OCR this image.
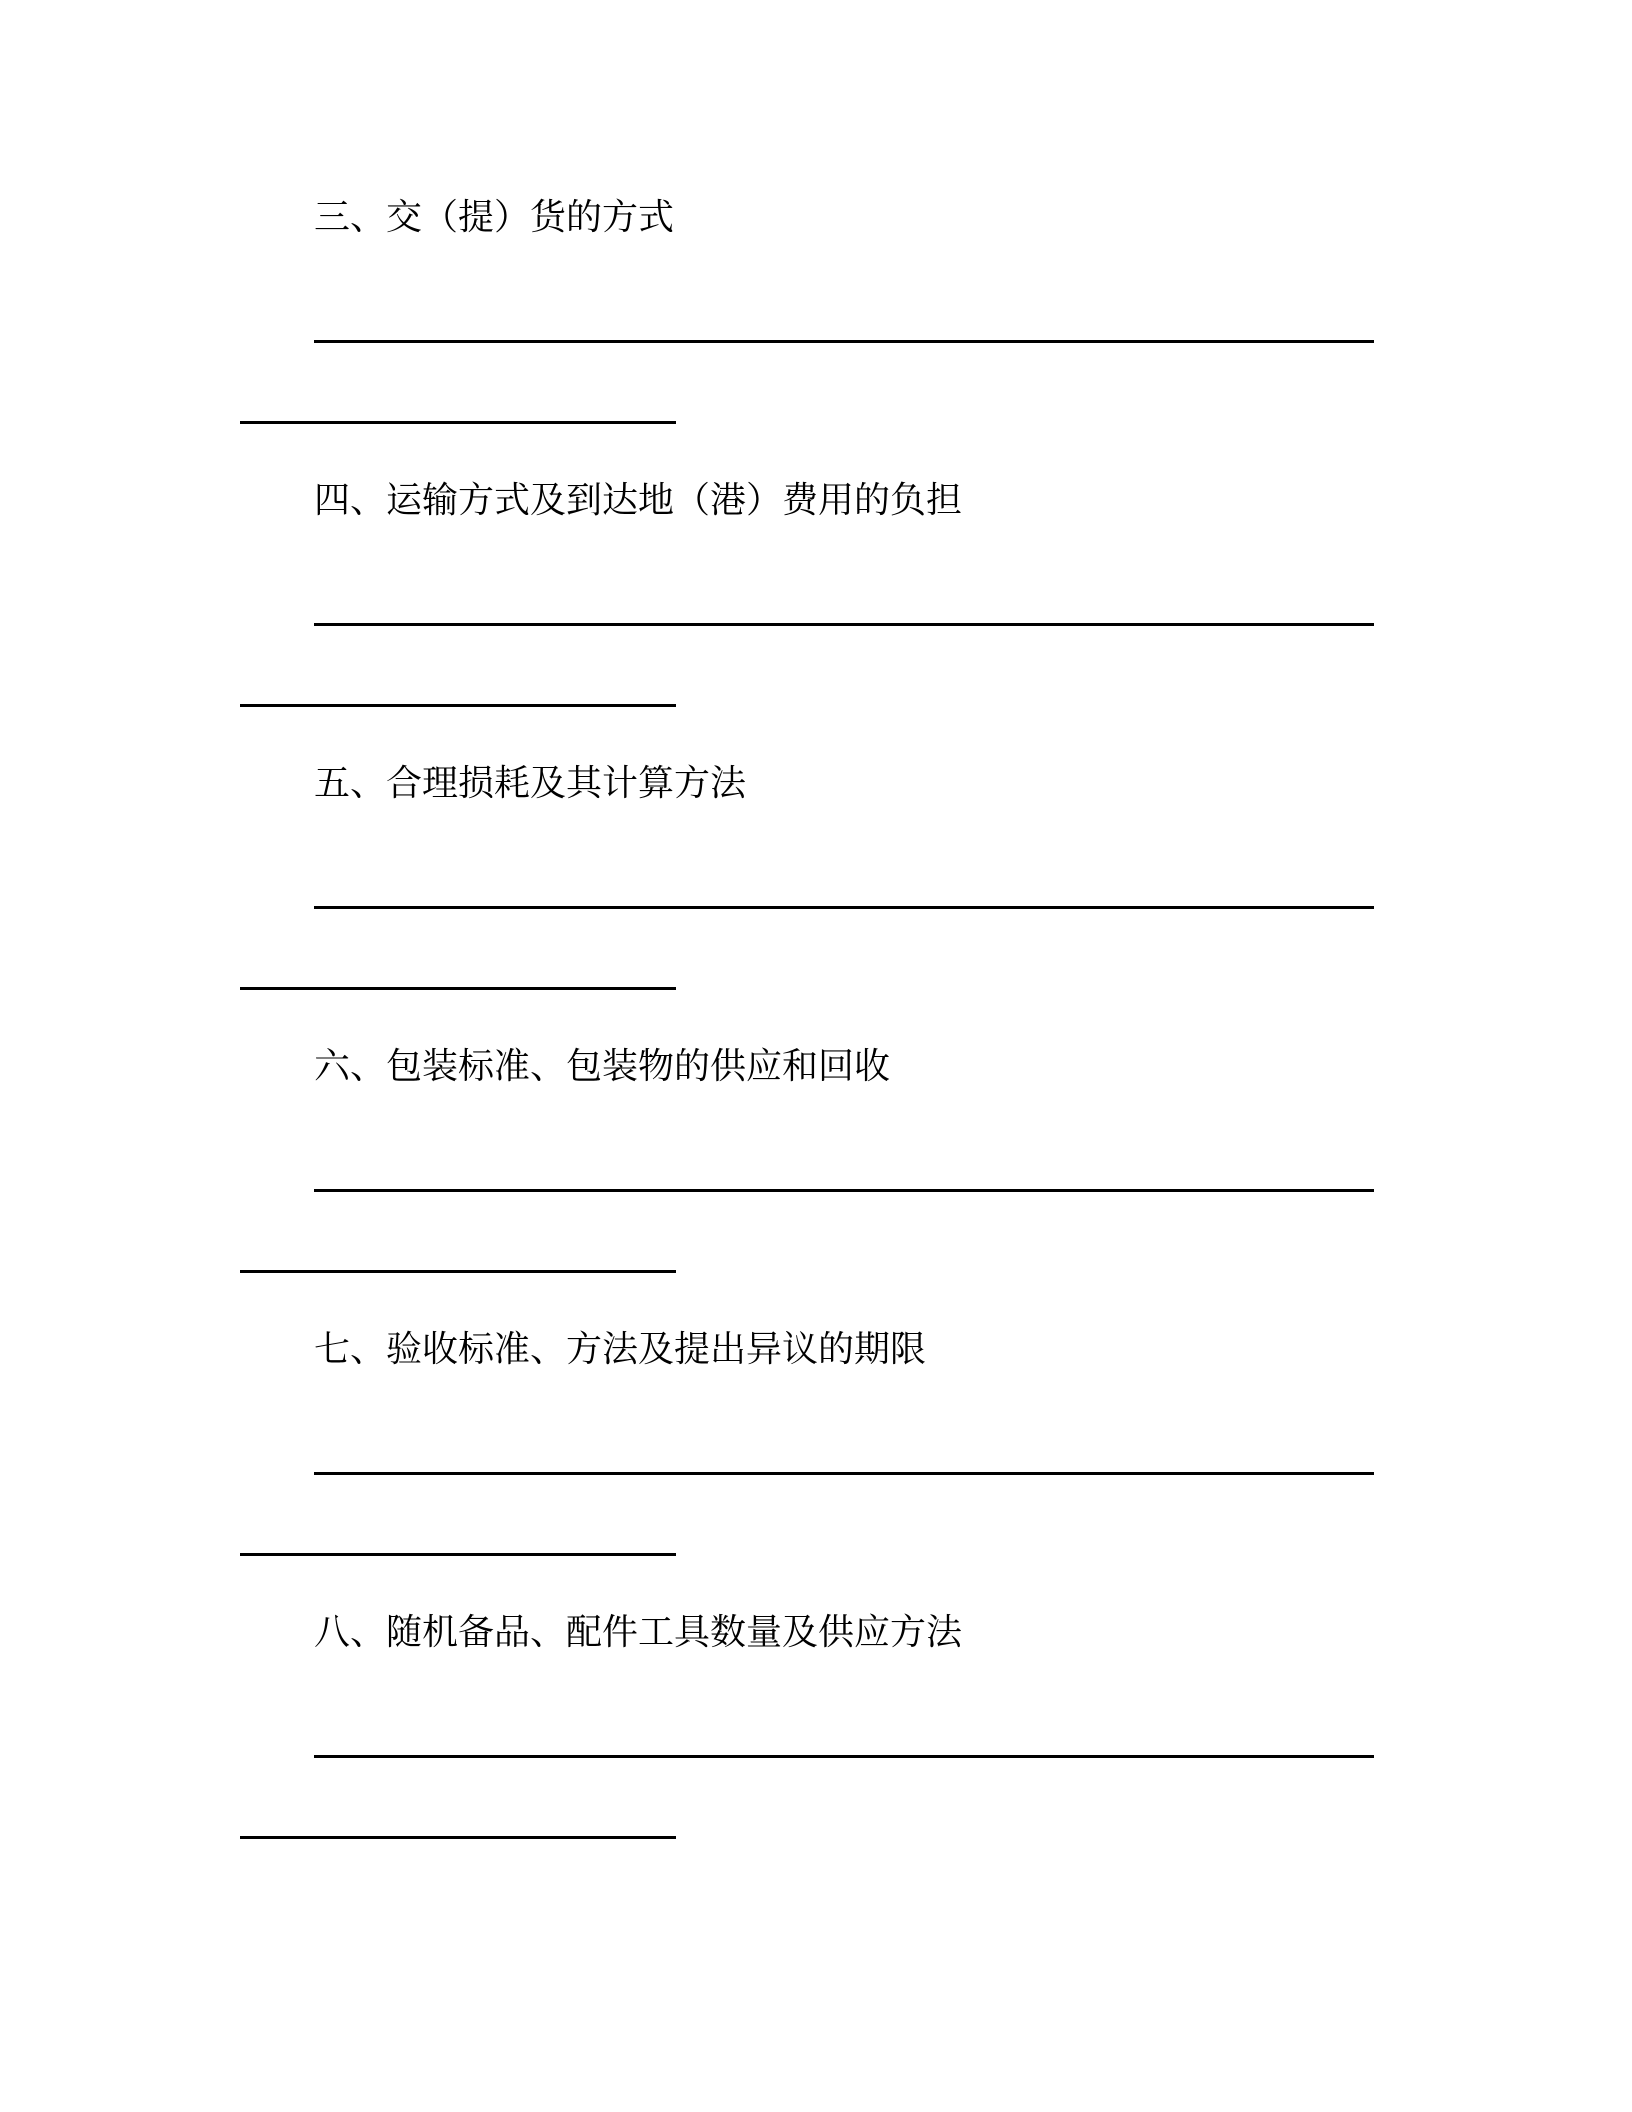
三、交（提）货的方式
四、运输方式及到达地（港）费用的负担
五、合理损耗及其计算方法
六、包装标准、包装物的供应和回收
七、验收标准、方法及提出异议的期限
八、随机备品、配件工具数量及供应方法
